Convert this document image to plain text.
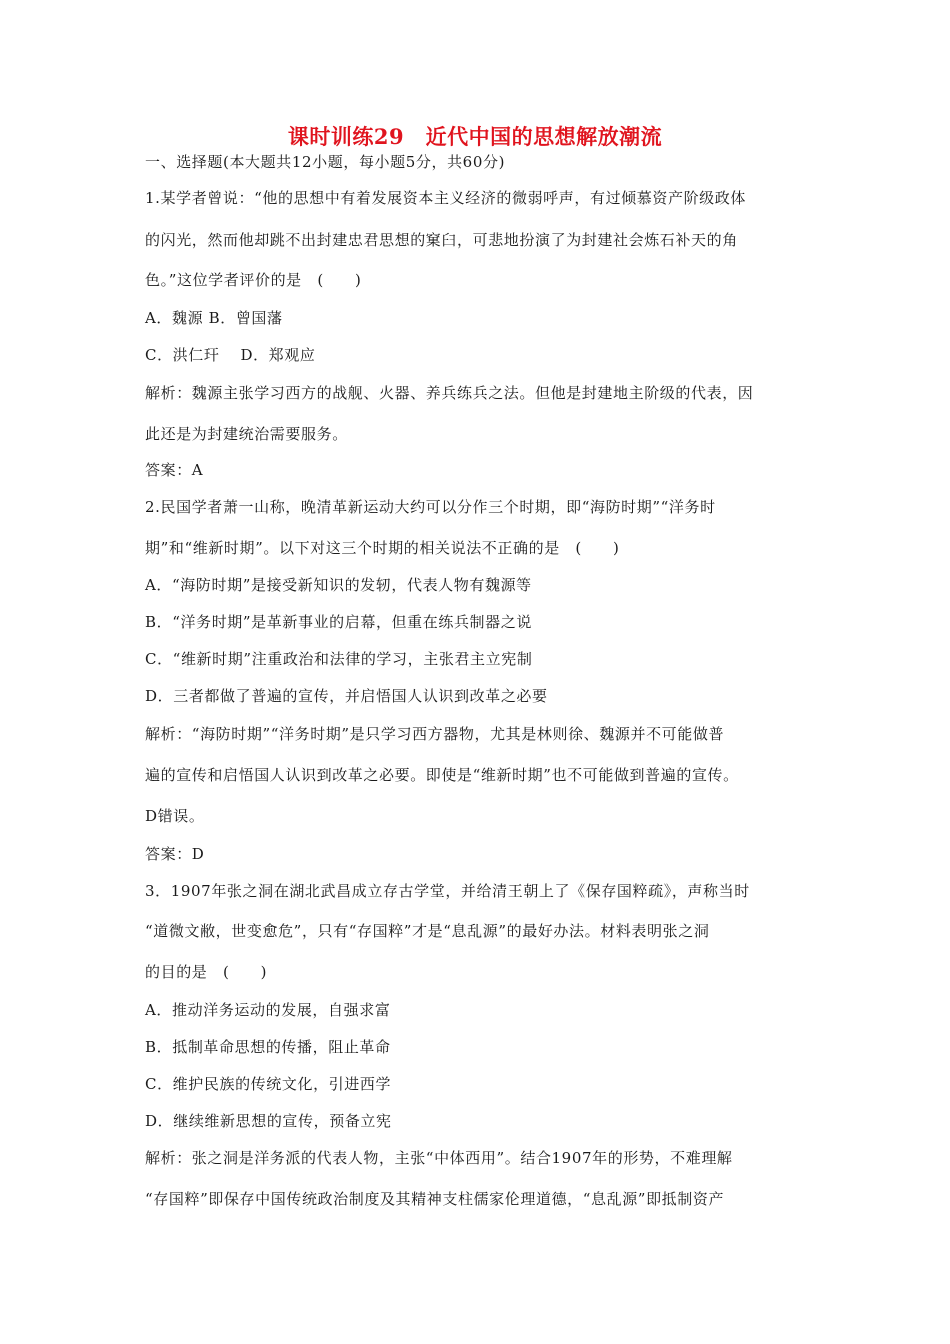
课时训练29　近代中国的思想解放潮流
一、选择题(本大题共12小题，每小题5分，共60分)
1.某学者曾说：“他的思想中有着发展资本主义经济的微弱呼声，有过倾慕资产阶级政体
的闪光，然而他却跳不出封建忠君思想的窠臼，可悲地扮演了为封建社会炼石补天的角
色。”这位学者评价的是　(　　)
A．魏源 B．曾国藩
C．洪仁玕　 D．郑观应
解析：魏源主张学习西方的战舰、火器、养兵练兵之法。但他是封建地主阶级的代表，因
此还是为封建统治需要服务。
答案：A
2.民国学者萧一山称，晚清革新运动大约可以分作三个时期，即“海防时期”“洋务时
期”和“维新时期”。以下对这三个时期的相关说法不正确的是　(　　)
A．“海防时期”是接受新知识的发轫，代表人物有魏源等
B．“洋务时期”是革新事业的启幕，但重在练兵制器之说
C．“维新时期”注重政治和法律的学习，主张君主立宪制
D．三者都做了普遍的宣传，并启悟国人认识到改革之必要
解析：“海防时期”“洋务时期”是只学习西方器物，尤其是林则徐、魏源并不可能做普
遍的宣传和启悟国人认识到改革之必要。即使是“维新时期”也不可能做到普遍的宣传。
D错误。
答案：D
3．1907年张之洞在湖北武昌成立存古学堂，并给清王朝上了《保存国粹疏》，声称当时
“道微文敝，世变愈危”，只有“存国粹”才是“息乱源”的最好办法。材料表明张之洞
的目的是　(　　)
A．推动洋务运动的发展，自强求富
B．抵制革命思想的传播，阻止革命
C．维护民族的传统文化，引进西学
D．继续维新思想的宣传，预备立宪
解析：张之洞是洋务派的代表人物，主张“中体西用”。结合1907年的形势，不难理解
“存国粹”即保存中国传统政治制度及其精神支柱儒家伦理道德，“息乱源”即抵制资产
